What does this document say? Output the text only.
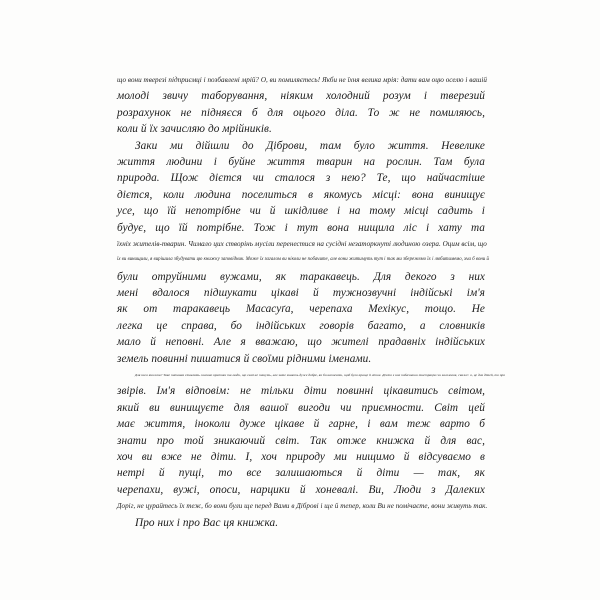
що вони тверезі підприємці і позбавлені мрій? О, ви помиляєтесь! Якби не їхня велика мрія: дати вам оцю оселю і вашій
молоді звичу таборування, ніяким холодний розум і тверезий
розрахунок не підняєся б для оцього діла. То ж не помиляюсь,
коли й їх зачисляю до мрійників.
Заки ми дійшли до Діброви, там було життя. Невелике
життя людини і буйне життя тварин на рослин. Там була
природа. Щож дієтся чи сталося з нею? Те, що найчастіше
дієтся, коли людина поселиться в якомусь місці: вона винищує
усе, що їй непотрібне чи й шкідливе і на тому місці садить і
будує, що їй потрібне. Тож і тут вона нищила ліс і хату та
їхніх жителів-тварин. Чимало цих створінь мусіли перенестися на сусідні незаторкнуті людиною озера. Оцим всім, що
їх ви винищили, я вирішила збудувати цю книжку заповідник. Може їх загалом ви ніколи не побачите, але вони житимуть тут і так ми збережемо їх і любитимемо, хча б вони й
були отруйними вужами, як таракавець. Для декого з них
мені вдалося підшукати цікаві й тужнозвучні індійські ім'я
як от таракавець Масасуґа, черепаха Мехікус, тощо. Не
легка це справа, бо індійських говорів багато, а словників
мало й неповні. Але я вважаю, що жителі прадавніх індійських
земель повинні пишатися й своїми рідними іменами.
Для кого книжка? Таке питання ставлять головно критики та люди, що самі не пишуть, але зате знають дуже добре, як би написати, щоб було краще й ліпше. Дехто з них побачивши ілюстрацію чи заголовок, скаже: о, це для дітей, то про
звірів. Ім'я відповім: не тільки діти повинні цікавитись світом,
який ви винищуєте для вашої вигоди чи приємности. Світ цей
має життя, іноколи дуже цікаве й гарне, і вам теж варто б
знати про той зникаючий світ. Так отже книжка й для вас,
хоч ви вже не діти. І, хоч природу ми нищимо й відсуваємо в
нетрі й пущі, то все залишаються й діти — так, як
черепахи, вужі, опоси, нарцики й хоневалі. Ви, Люди з Далеких
Доріг, не цурайтесь їх теж, бо вони були ще перед Вами в Діброві і ще й тепер, коли Ви не помічаєте, вони живуть так.
Про них і про Вас ця книжка.
